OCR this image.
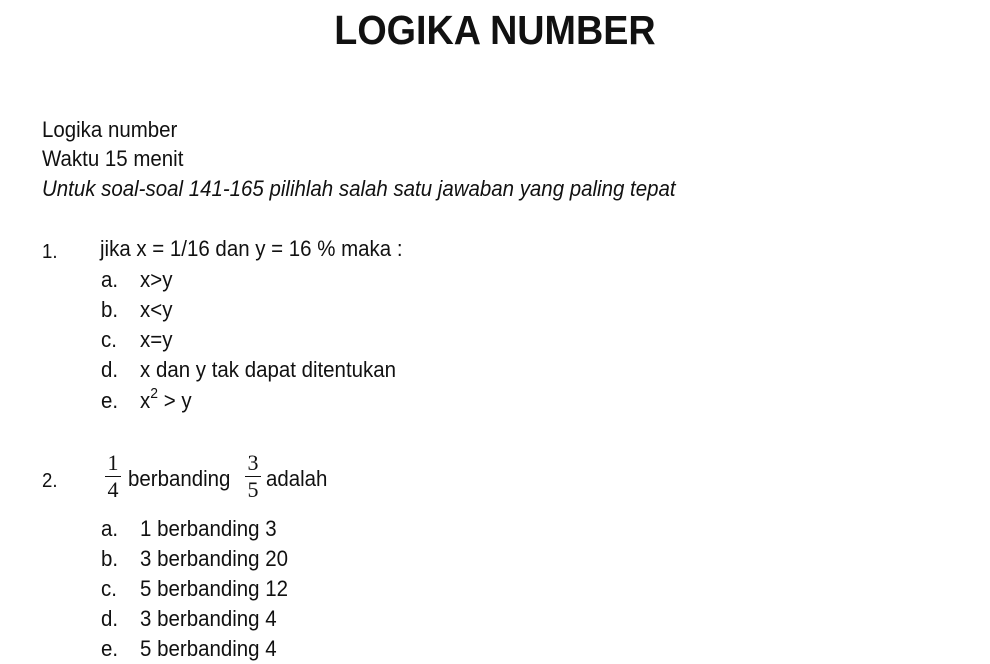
LOGIKA NUMBER
Logika number
Waktu 15 menit
Untuk soal-soal 141-165 pilihlah salah satu jawaban yang paling tepat
1. jika x = 1/16 dan y = 16 % maka :
a. x>y
b. x<y
c. x=y
d. x dan y tak dapat ditentukan
e. $x^2 > y$
2.
1
4 berbanding
3
5 adalah
a. 1 berbanding 3
b. 3 berbanding 20
c. 5 berbanding 12
d. 3 berbanding 4
e. 5 berbanding 4
